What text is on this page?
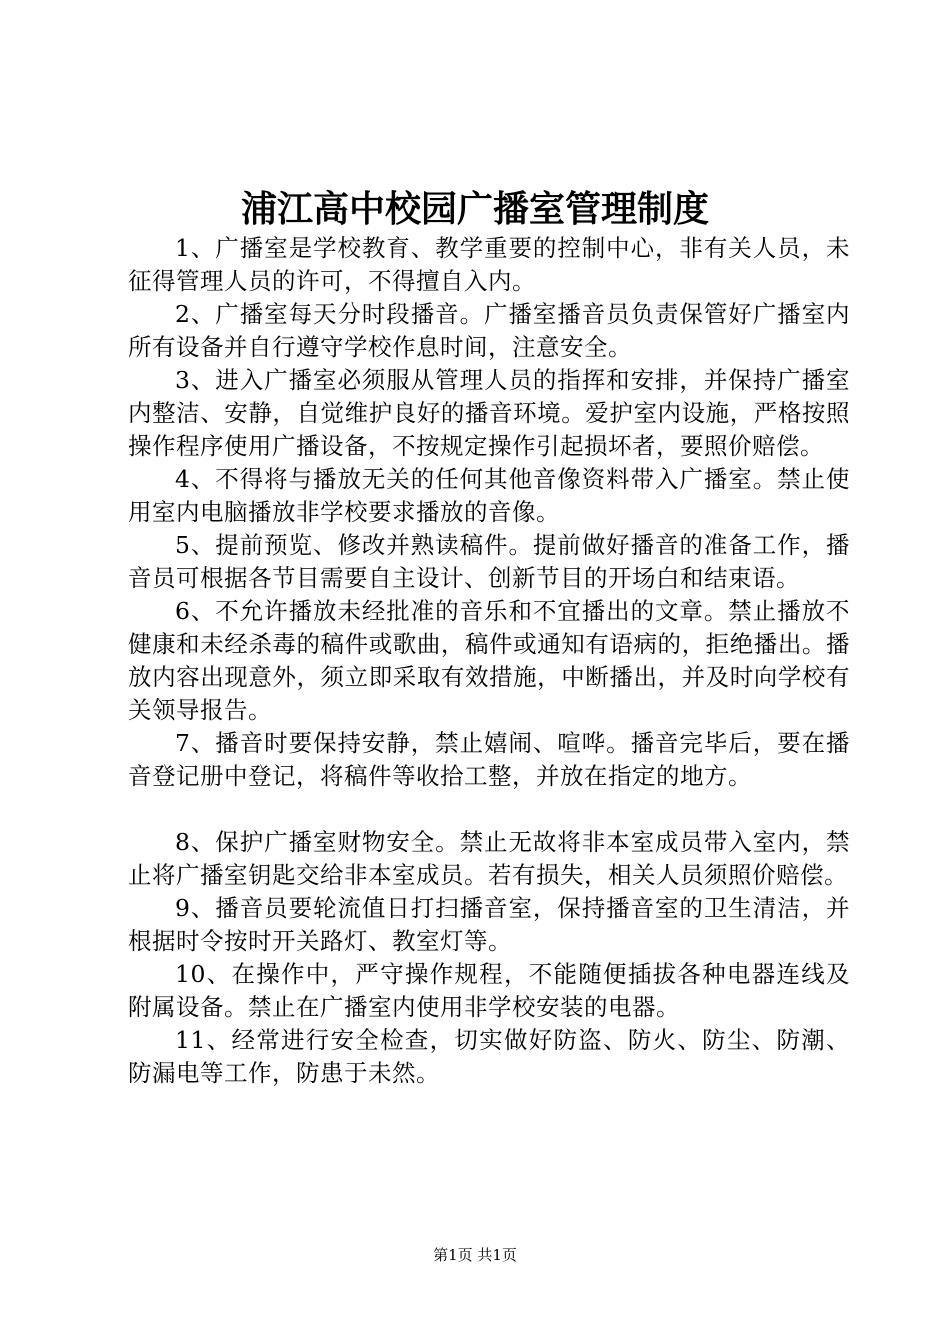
浦江高中校园广播室管理制度

1、广播室是学校教育、教学重要的控制中心，非有关人员，未征得管理人员的许可，不得擅自入内。

2、广播室每天分时段播音。广播室播音员负责保管好广播室内所有设备并自行遵守学校作息时间，注意安全。

3、进入广播室必须服从管理人员的指挥和安排，并保持广播室内整洁、安静，自觉维护良好的播音环境。爱护室内设施，严格按照操作程序使用广播设备，不按规定操作引起损坏者，要照价赔偿。

4、不得将与播放无关的任何其他音像资料带入广播室。禁止使用室内电脑播放非学校要求播放的音像。

5、提前预览、修改并熟读稿件。提前做好播音的准备工作，播音员可根据各节目需要自主设计、创新节目的开场白和结束语。

6、不允许播放未经批准的音乐和不宜播出的文章。禁止播放不健康和未经杀毒的稿件或歌曲，稿件或通知有语病的，拒绝播出。播放内容出现意外，须立即采取有效措施，中断播出，并及时向学校有关领导报告。

7、播音时要保持安静，禁止嬉闹、喧哗。播音完毕后，要在播音登记册中登记，将稿件等收拾工整，并放在指定的地方。

8、保护广播室财物安全。禁止无故将非本室成员带入室内，禁止将广播室钥匙交给非本室成员。若有损失，相关人员须照价赔偿。

9、播音员要轮流值日打扫播音室，保持播音室的卫生清洁，并根据时令按时开关路灯、教室灯等。

10、在操作中，严守操作规程，不能随便插拔各种电器连线及附属设备。禁止在广播室内使用非学校安装的电器。

11、经常进行安全检查，切实做好防盗、防火、防尘、防潮、防漏电等工作，防患于未然。

第1页 共1页
